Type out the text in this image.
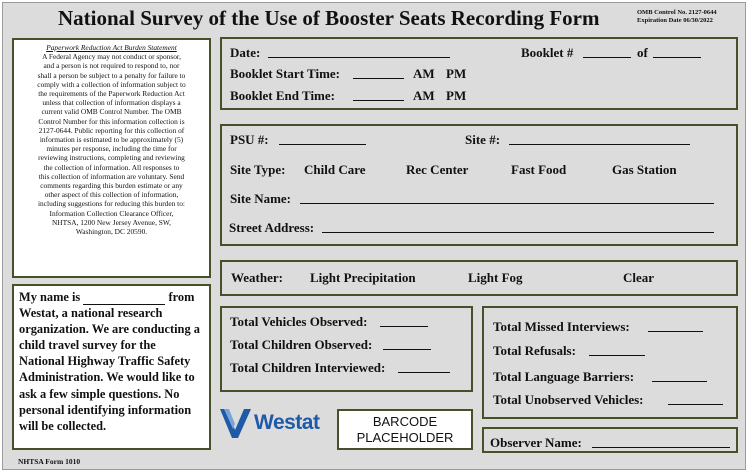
National Survey of the Use of Booster Seats Recording Form	OMB Control No. 2127-0644
Expiration Date 06/30/2022
Paperwork Reduction Act Burden Statement
A Federal Agency may not conduct or sponsor,
and a person is not required to respond to, nor
shall a person be subject to a penalty for failure to
comply with a collection of information subject to
the requirements of the Paperwork Reduction Act
unless that collection of information displays a
current valid OMB Control Number. The OMB
Control Number for this information collection is
2127-0644. Public reporting for this collection of
information is estimated to be approximately (5)
minutes per response, including the time for
reviewing instructions, completing and reviewing
the collection of information. All responses to
this collection of information are voluntary. Send
comments regarding this burden estimate or any
other aspect of this collection of information,
including suggestions for reducing this burden to:
Information Collection Clearance Officer,
NHTSA, 1200 New Jersey Avenue, SW,
Washington, DC 20590.
My name is	from Westat, a national research organization. We are conducting a child travel survey for the National Highway Traffic Safety Administration. We would like to ask a few simple questions. No personal identifying information will be collected.
Date:	Booklet #	of
Booklet Start Time:	AM PM
Booklet End Time:	AM PM
PSU #:	Site #:
Site Type: Child Care	Rec Center	Fast Food	Gas Station
Site Name:
Street Address:
Weather: Light Precipitation	Light Fog	Clear
Total Vehicles Observed:
Total Children Observed:
Total Children Interviewed:
Total Missed Interviews:
Total Refusals:
Total Language Barriers:
Total Unobserved Vehicles:
Observer Name:
Westat	BARCODE
PLACEHOLDER
NHTSA Form 1010
